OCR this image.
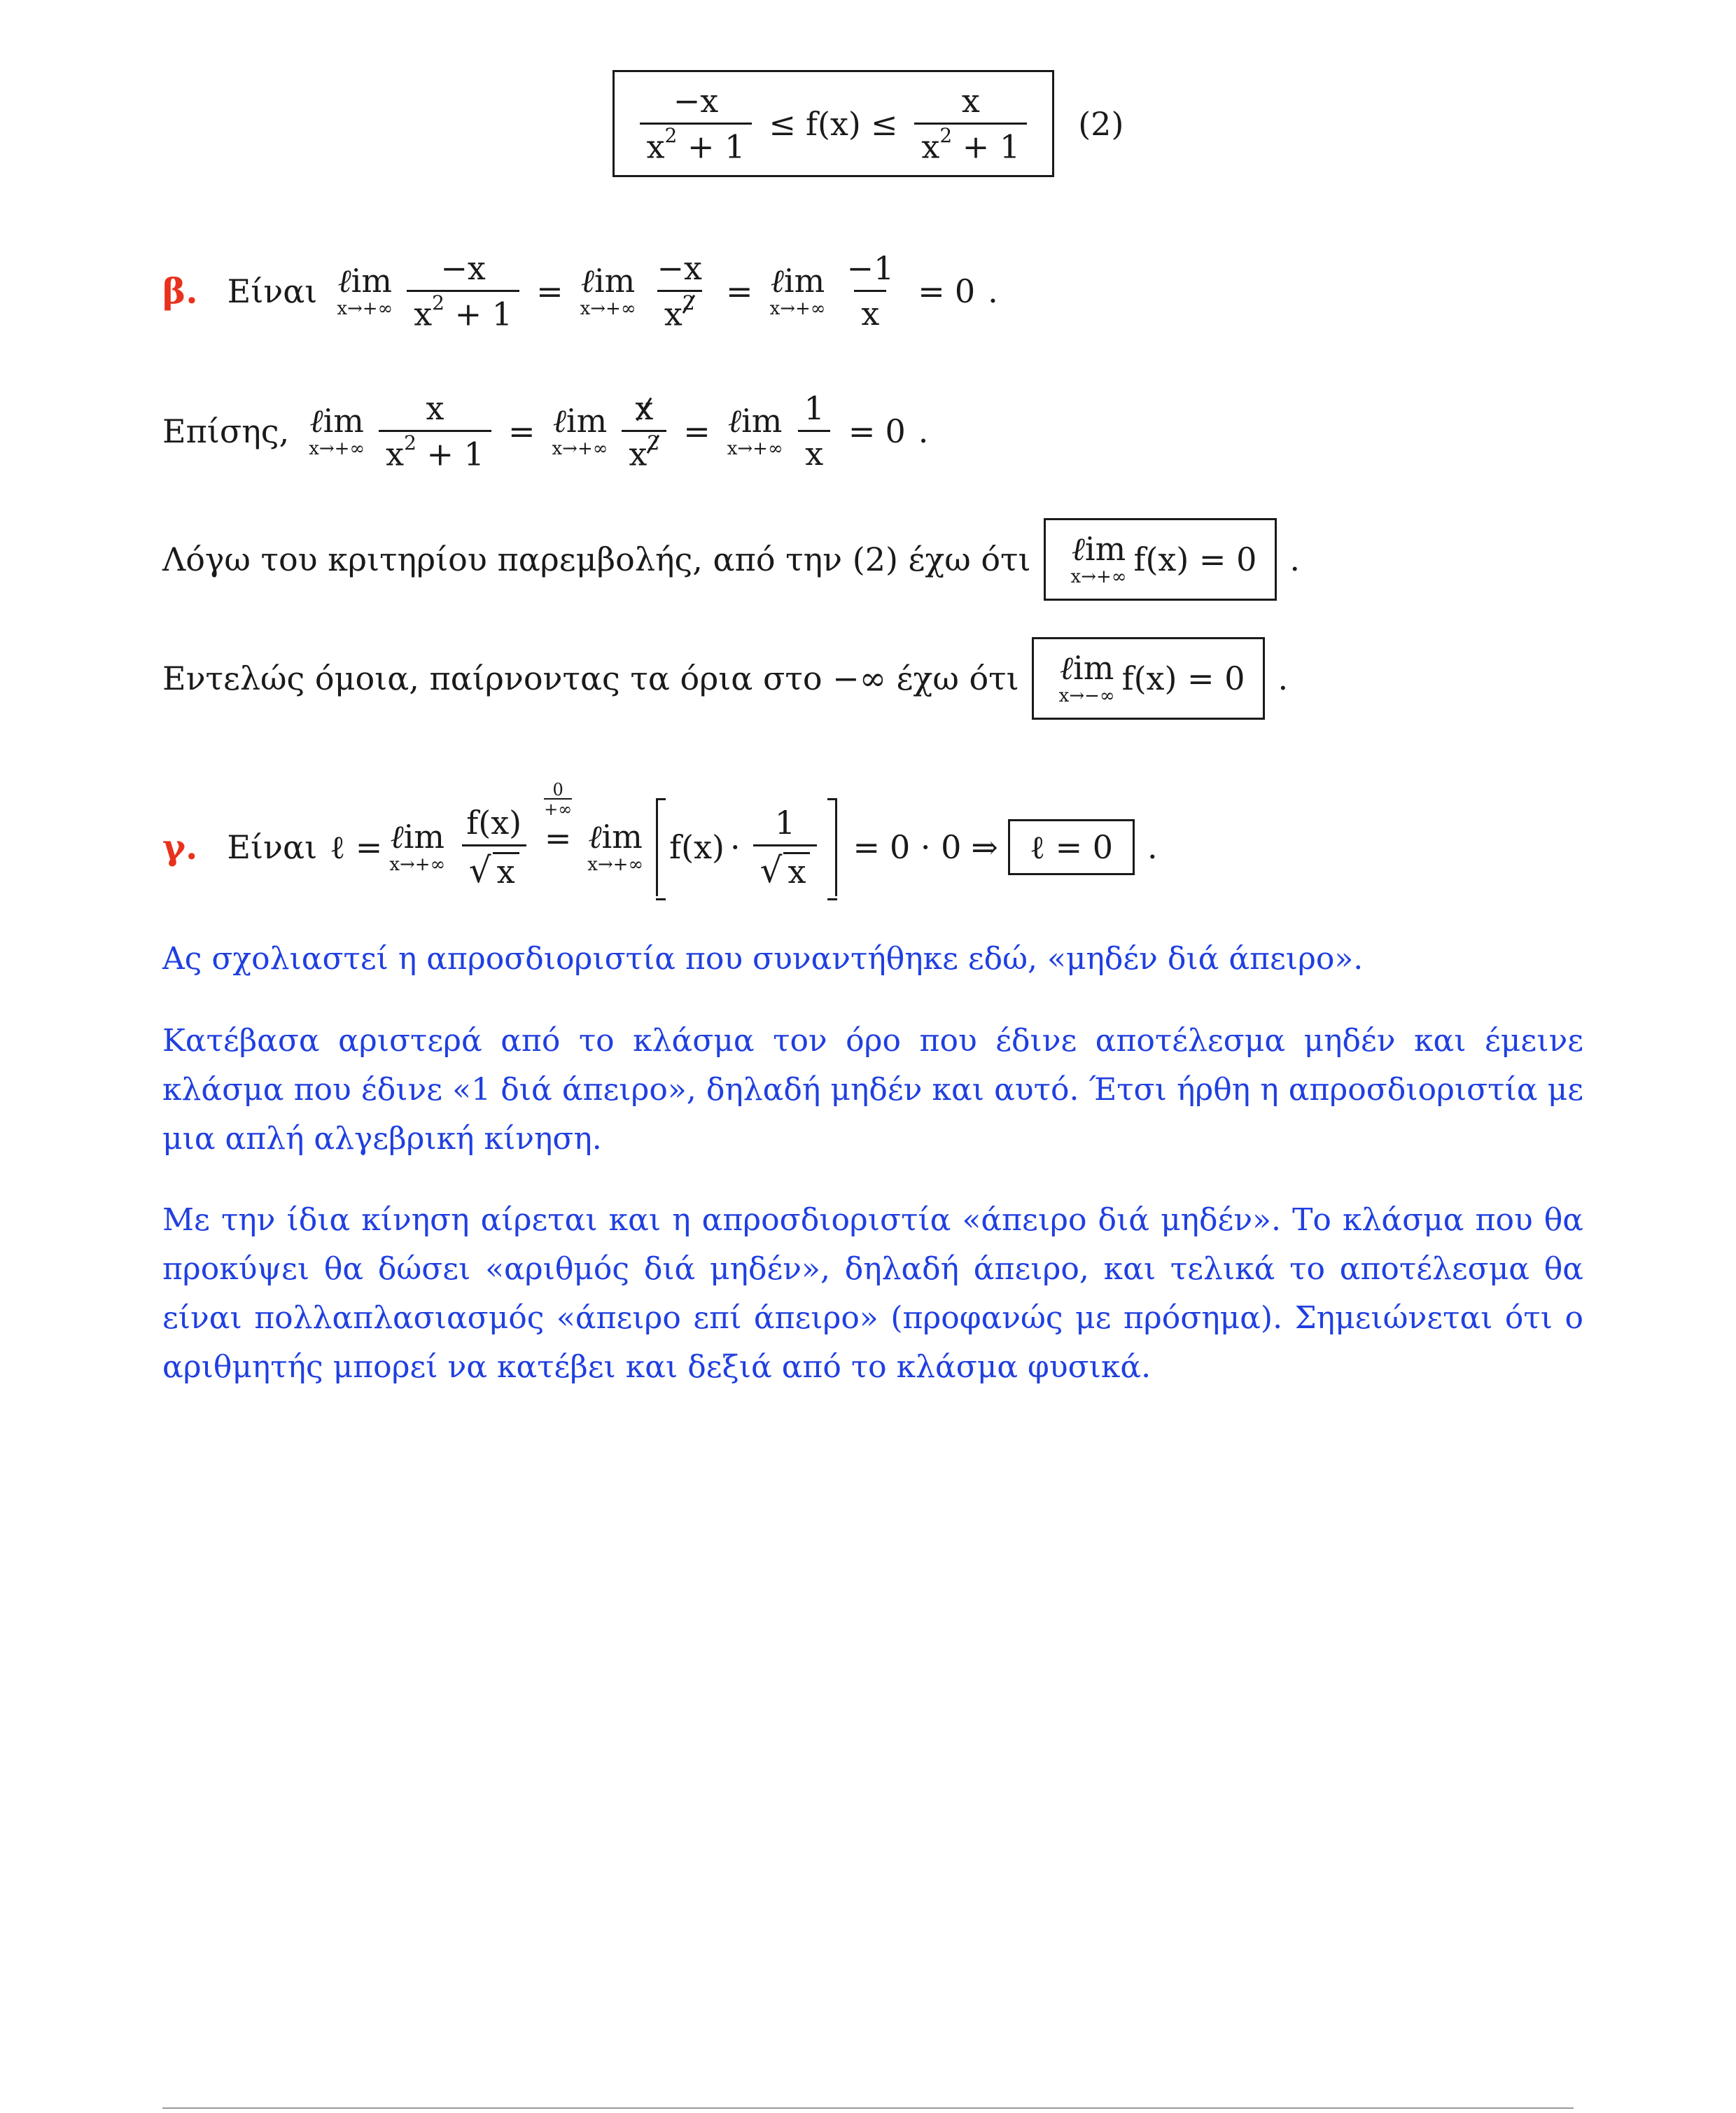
$\frac{-x}{x^2 + 1} \le f(x) \le \frac{x}{x^2 + 1} (2)$
β. Είναι ℓim
$x\to+\infty \frac{-x}{x^2 + 1}$ = ℓim
$x\to+\infty \frac{-x}{x2}$ = ℓim
$x\to+\infty \frac{-1}{x} = 0$ .
Επίσης, ℓim
$x\to+\infty \frac{x}{x^2 + 1}$ = ℓim
$x\to+\infty \frac{x}{x2}$ = ℓim
$x\to+\infty \frac{1}{x} = 0$ .
Λόγω του κριτηρίου παρεμβολής, από την (2) έχω ότι ℓim
x→+∞ f(x) = 0 .
Εντελώς όμοια, παίρνοντας τα όρια στο −∞ έχω ότι ℓim
x→−∞ f(x) = 0 .
γ. Είναι ℓ = ℓim
$x\to+\infty \frac{f(x)}{√ x}$
0
+∞
= ℓim
x→+∞ $f(x) \cdot \frac{1}{√ x} = 0 \cdot 0$ ⇒ ℓ = 0 .
Ας σχολιαστεί η απροσδιοριστία που συναντήθηκε εδώ, «μηδέν διά άπειρο».
Κατέβασα αριστερά από το κλάσμα τον όρο που έδινε αποτέλεσμα μηδέν και έμεινε κλάσμα που έδινε «1 διά άπειρο», δηλαδή μηδέν και αυτό. Έτσι ήρθη η απροσδιοριστία με μια απλή αλγεβρική κίνηση.
Με την ίδια κίνηση αίρεται και η απροσδιοριστία «άπειρο διά μηδέν». Το κλάσμα που θα προκύψει θα δώσει «αριθμός διά μηδέν», δηλαδή άπειρο, και τελικά το αποτέλεσμα θα είναι πολλαπλασιασμός «άπειρο επί άπειρο» (προφανώς με πρόσημα). Σημειώνεται ότι ο αριθμητής μπορεί να κατέβει και δεξιά από το κλάσμα φυσικά.
